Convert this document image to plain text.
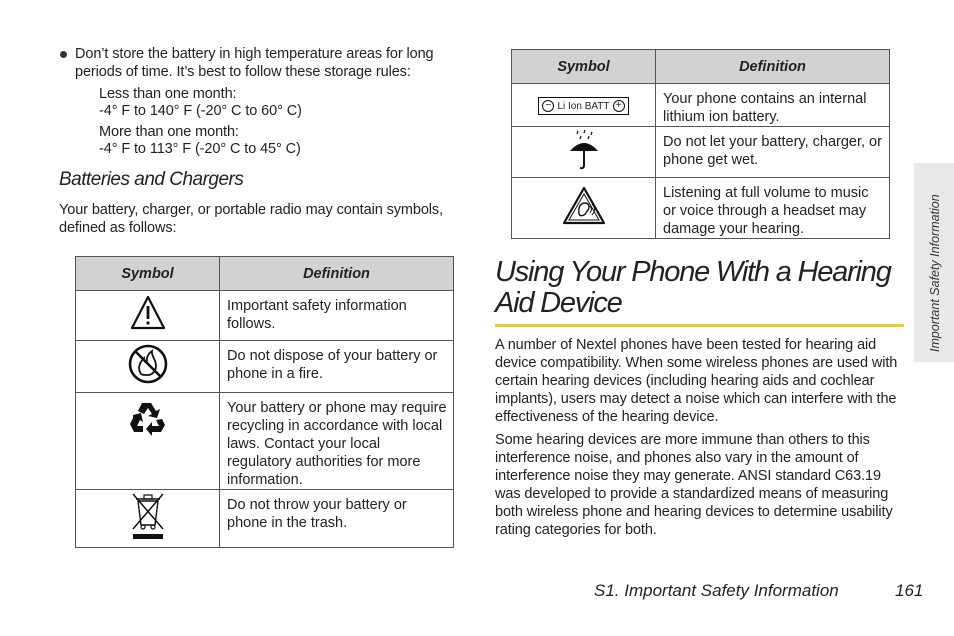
Don’t store the battery in high temperature areas for long periods of time. It’s best to follow these storage rules:
Less than one month:
-4° F to 140° F (-20° C to 60° C)
More than one month:
-4° F to 113° F (-20° C to 45° C)
Batteries and Chargers
Your battery, charger, or portable radio may contain symbols, defined as follows:
Symbol	Definition
	Important safety information follows.
	Do not dispose of your battery or phone in a fire.
	Your battery or phone may require recycling in accordance with local laws. Contact your local regulatory authorities for more information.
	Do not throw your battery or phone in the trash.
Symbol	Definition

− Li Ion BATT +	Your phone contains an internal lithium ion battery.
	Do not let your battery, charger, or phone get wet.
	Listening at full volume to music or voice through a headset may damage your hearing.
Using Your Phone With a Hearing
Aid Device
A number of Nextel phones have been tested for hearing aid device compatibility. When some wireless phones are used with certain hearing devices (including hearing aids and cochlear implants), users may detect a noise which can interfere with the effectiveness of the hearing device.
Some hearing devices are more immune than others to this interference noise, and phones also vary in the amount of interference noise they may generate. ANSI standard C63.19 was developed to provide a standardized means of measuring both wireless phone and hearing devices to determine usability rating categories for both.
Important Safety Information
S1. Important Safety Information	161
